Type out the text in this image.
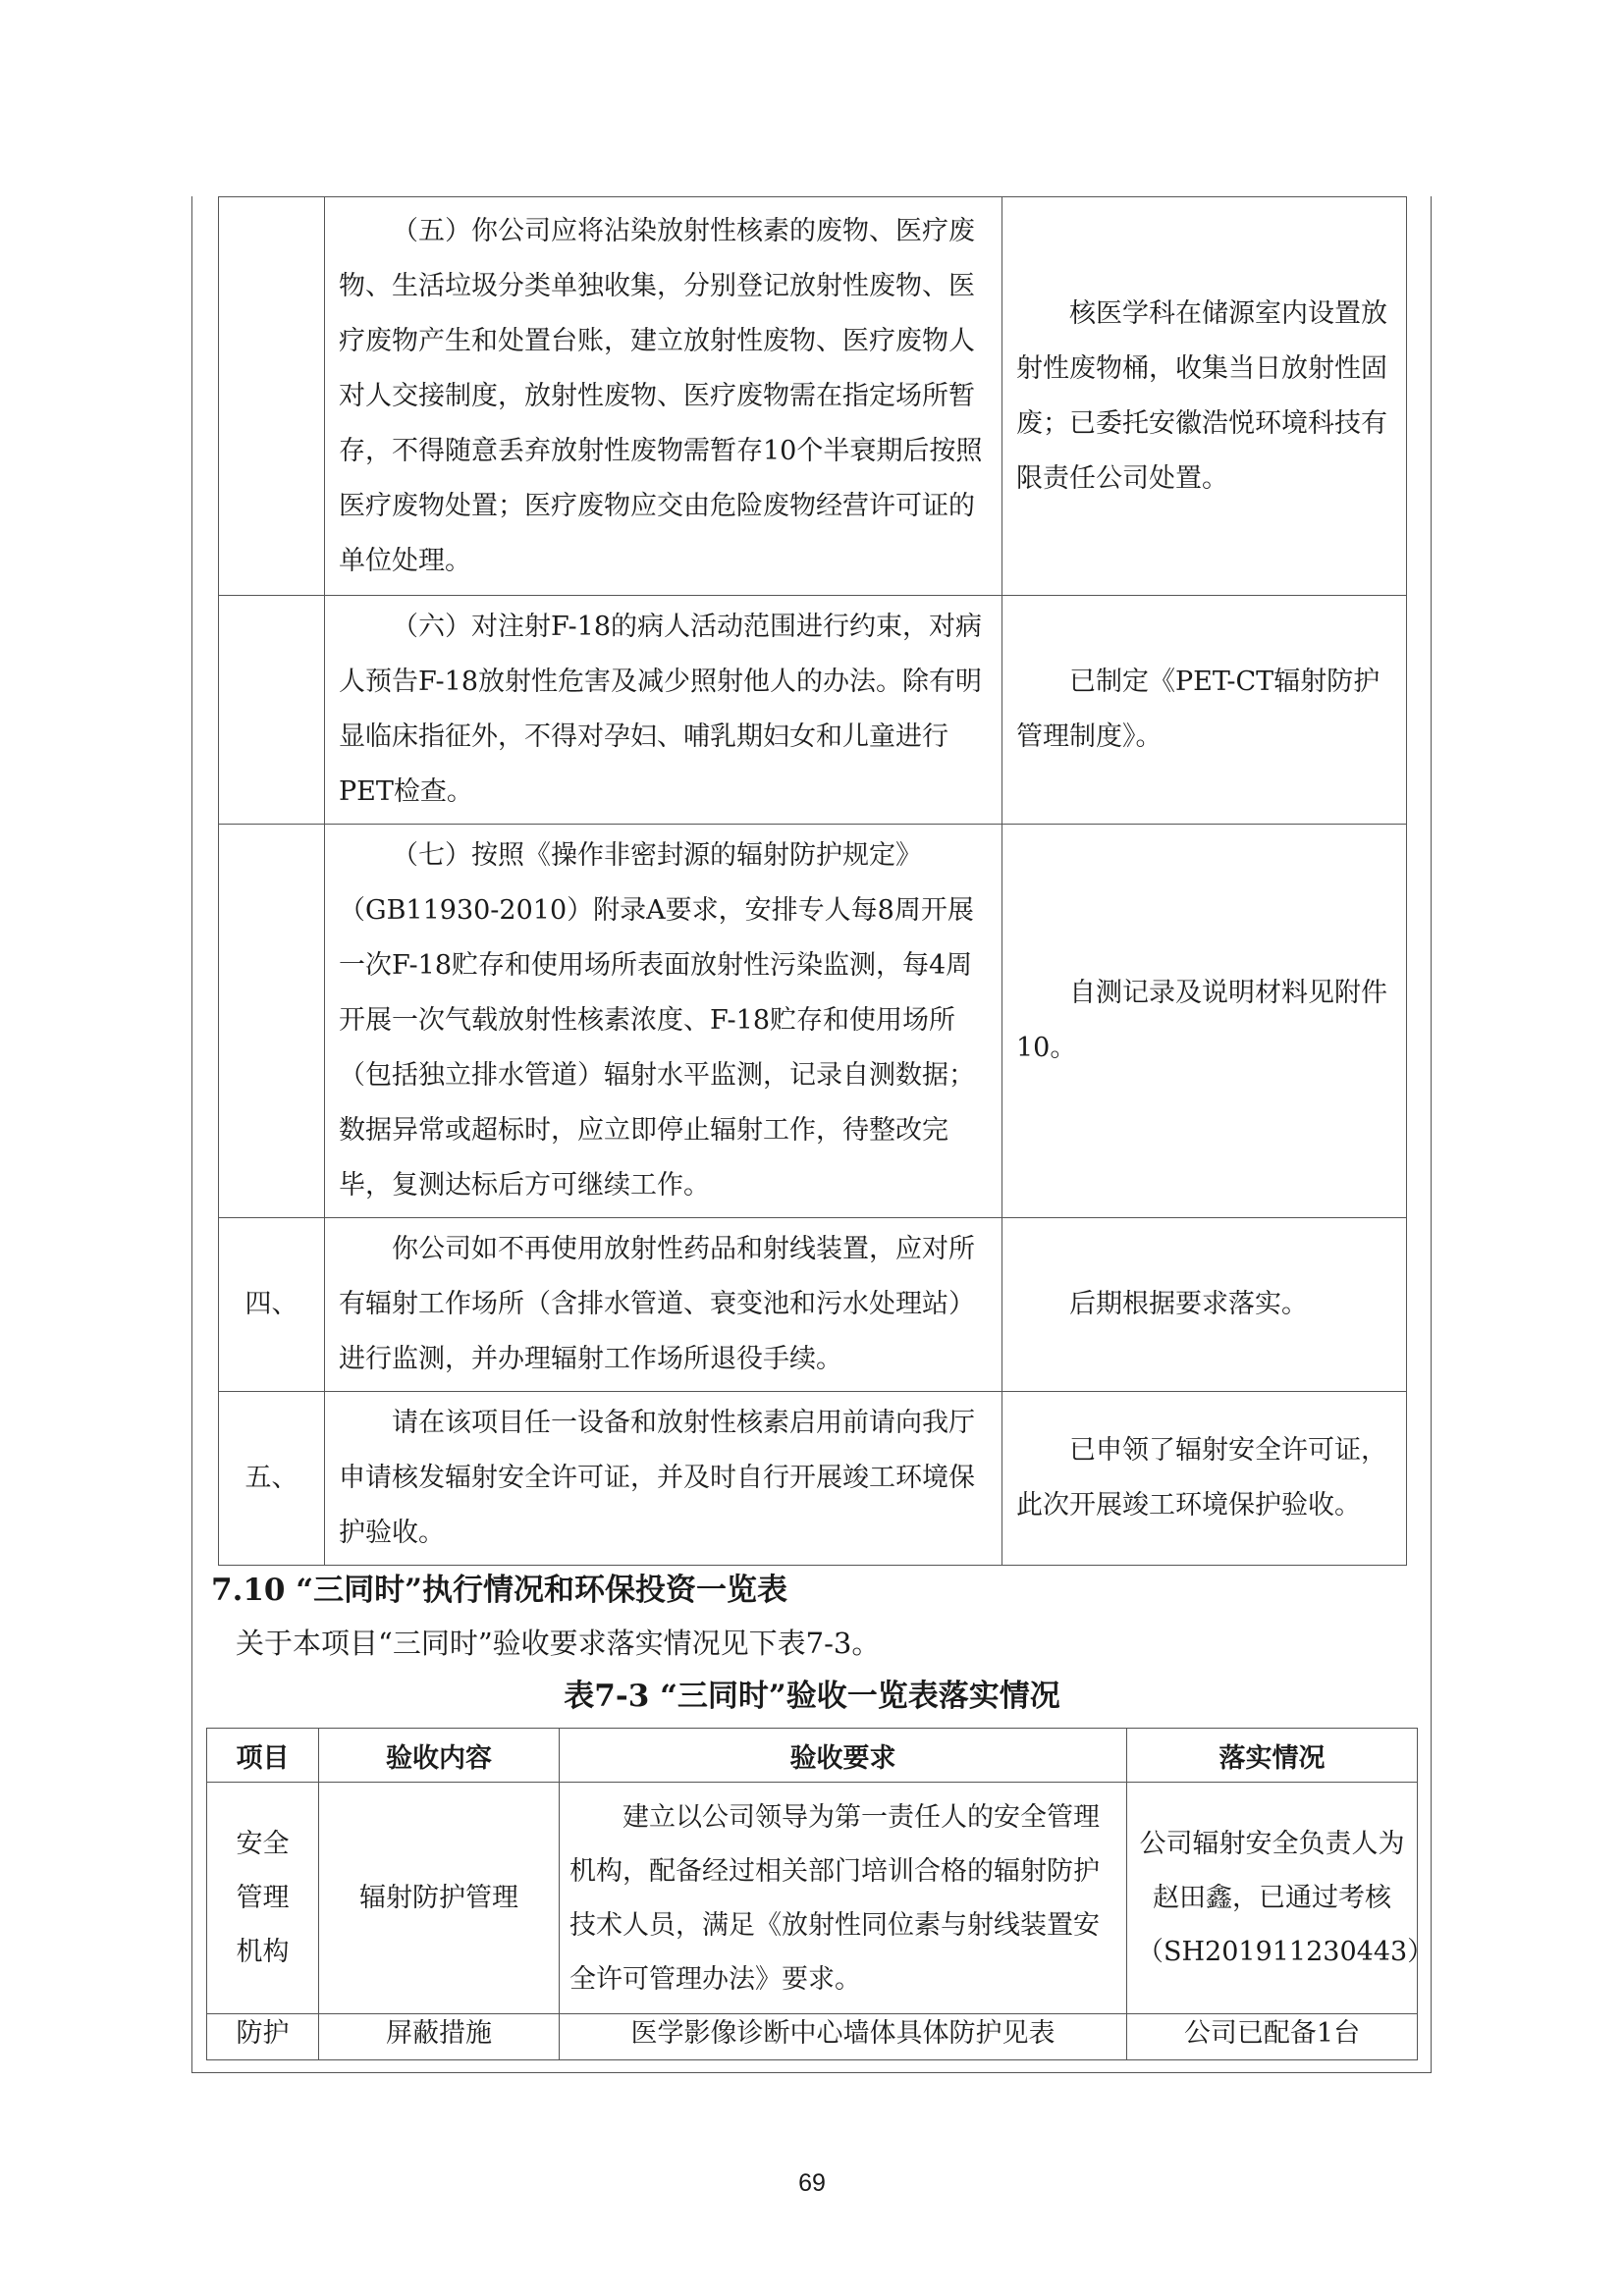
	（五）你公司应将沾染放射性核素的废物、医疗废物、生活垃圾分类单独收集，分别登记放射性废物、医疗废物产生和处置台账，建立放射性废物、医疗废物人对人交接制度，放射性废物、医疗废物需在指定场所暂存，不得随意丢弃放射性废物需暂存10个半衰期后按照医疗废物处置；医疗废物应交由危险废物经营许可证的单位处理。	核医学科在储源室内设置放射性废物桶，收集当日放射性固废；已委托安徽浩悦环境科技有限责任公司处置。
	（六）对注射F-18的病人活动范围进行约束，对病人预告F-18放射性危害及减少照射他人的办法。除有明显临床指征外，不得对孕妇、哺乳期妇女和儿童进行PET检查。	已制定《PET-CT辐射防护管理制度》。
	（七）按照《操作非密封源的辐射防护规定》（GB11930-2010）附录A要求，安排专人每8周开展一次F-18贮存和使用场所表面放射性污染监测，每4周开展一次气载放射性核素浓度、F-18贮存和使用场所（包括独立排水管道）辐射水平监测，记录自测数据；数据异常或超标时，应立即停止辐射工作，待整改完毕，复测达标后方可继续工作。	自测记录及说明材料见附件10。
四、	你公司如不再使用放射性药品和射线装置，应对所有辐射工作场所（含排水管道、衰变池和污水处理站）进行监测，并办理辐射工作场所退役手续。	后期根据要求落实。
五、	请在该项目任一设备和放射性核素启用前请向我厅申请核发辐射安全许可证，并及时自行开展竣工环境保护验收。	已申领了辐射安全许可证，此次开展竣工环境保护验收。
7.10 “三同时”执行情况和环保投资一览表
关于本项目“三同时”验收要求落实情况见下表7-3。
表7-3 “三同时”验收一览表落实情况
项目	验收内容	验收要求	落实情况
安全管理机构	辐射防护管理	建立以公司领导为第一责任人的安全管理机构，配备经过相关部门培训合格的辐射防护技术人员，满足《放射性同位素与射线装置安全许可管理办法》要求。	公司辐射安全负责人为赵田鑫，已通过考核（SH201911230443）
防护	屏蔽措施	医学影像诊断中心墙体具体防护见表	公司已配备1台
69
